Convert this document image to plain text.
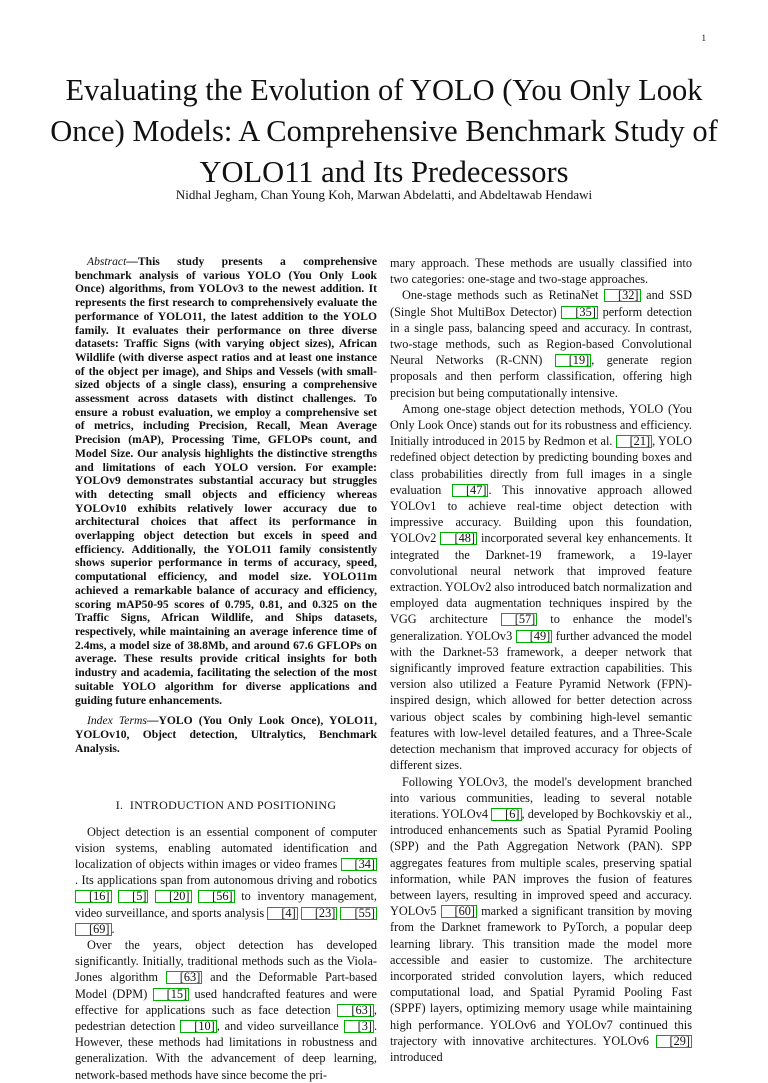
1
Evaluating the Evolution of YOLO (You Only Look Once) Models: A Comprehensive Benchmark Study of YOLO11 and Its Predecessors
Nidhal Jegham, Chan Young Koh, Marwan Abdelatti, and Abdeltawab Hendawi

Abstract—This study presents a comprehensive benchmark analysis of various YOLO (You Only Look Once) algorithms, from YOLOv3 to the newest addition. It represents the first research to comprehensively evaluate the performance of YOLO11, the latest addition to the YOLO family. It evaluates their performance on three diverse datasets: Traffic Signs (with varying object sizes), African Wildlife (with diverse aspect ratios and at least one instance of the object per image), and Ships and Vessels (with small-sized objects of a single class), ensuring a comprehensive assessment across datasets with distinct challenges. To ensure a robust evaluation, we employ a comprehensive set of metrics, including Precision, Recall, Mean Average Precision (mAP), Processing Time, GFLOPs count, and Model Size. Our analysis highlights the distinctive strengths and limitations of each YOLO version. For example: YOLOv9 demonstrates substantial accuracy but struggles with detecting small objects and efficiency whereas YOLOv10 exhibits relatively lower accuracy due to architectural choices that affect its performance in overlapping object detection but excels in speed and efficiency. Additionally, the YOLO11 family consistently shows superior performance in terms of accuracy, speed, computational efficiency, and model size. YOLO11m achieved a remarkable balance of accuracy and efficiency, scoring mAP50-95 scores of 0.795, 0.81, and 0.325 on the Traffic Signs, African Wildlife, and Ships datasets, respectively, while maintaining an average inference time of 2.4ms, a model size of 38.8Mb, and around 67.6 GFLOPs on average. These results provide critical insights for both industry and academia, facilitating the selection of the most suitable YOLO algorithm for diverse applications and guiding future enhancements.

Index Terms—YOLO (You Only Look Once), YOLO11, YOLOv10, Object detection, Ultralytics, Benchmark Analysis.

I. INTRODUCTION AND POSITIONING

Object detection is an essential component of computer vision systems, enabling automated identification and localization of objects within images or video frames [34]. Its applications span from autonomous driving and robotics [16] [5] [20] [56] to inventory management, video surveillance, and sports analysis [4] [23] [55] [69] .

Over the years, object detection has developed significantly. Initially, traditional methods such as the Viola-Jones algorithm [63] and the Deformable Part-based Model (DPM) [15] used handcrafted features and were effective for applications such as face detection [63] , pedestrian detection [10] , and video surveillance [3] . However, these methods had limitations in robustness and generalization. With the advancement of deep learning, network-based methods have since become the pri-

mary approach. These methods are usually classified into two categories: one-stage and two-stage approaches.

One-stage methods such as RetinaNet [32] and SSD (Single Shot MultiBox Detector) [35] perform detection in a single pass, balancing speed and accuracy. In contrast, two-stage methods, such as Region-based Convolutional Neural Networks (R-CNN) [19] , generate region proposals and then perform classification, offering high precision but being computationally intensive.

Among one-stage object detection methods, YOLO (You Only Look Once) stands out for its robustness and efficiency. Initially introduced in 2015 by Redmon et al. [21] , YOLO redefined object detection by predicting bounding boxes and class probabilities directly from full images in a single evaluation [47] . This innovative approach allowed YOLOv1 to achieve real-time object detection with impressive accuracy. Building upon this foundation, YOLOv2 [48] incorporated several key enhancements. It integrated the Darknet-19 framework, a 19-layer convolutional neural network that improved feature extraction. YOLOv2 also introduced batch normalization and employed data augmentation techniques inspired by the VGG architecture [57] to enhance the model's generalization. YOLOv3 [49] further advanced the model with the Darknet-53 framework, a deeper network that significantly improved feature extraction capabilities. This version also utilized a Feature Pyramid Network (FPN)-inspired design, which allowed for better detection across various object scales by combining high-level semantic features with low-level detailed features, and a Three-Scale detection mechanism that improved accuracy for objects of different sizes.

Following YOLOv3, the model's development branched into various communities, leading to several notable iterations. YOLOv4 [6] , developed by Bochkovskiy et al., introduced enhancements such as Spatial Pyramid Pooling (SPP) and the Path Aggregation Network (PAN). SPP aggregates features from multiple scales, preserving spatial information, while PAN improves the fusion of features between layers, resulting in improved speed and accuracy. YOLOv5 [60] marked a significant transition by moving from the Darknet framework to PyTorch, a popular deep learning library. This transition made the model more accessible and easier to customize. The architecture incorporated strided convolution layers, which reduced computational load, and Spatial Pyramid Pooling Fast (SPPF) layers, optimizing memory usage while maintaining high performance. YOLOv6 and YOLOv7 continued this trajectory with innovative architectures. YOLOv6 [29] introduced
